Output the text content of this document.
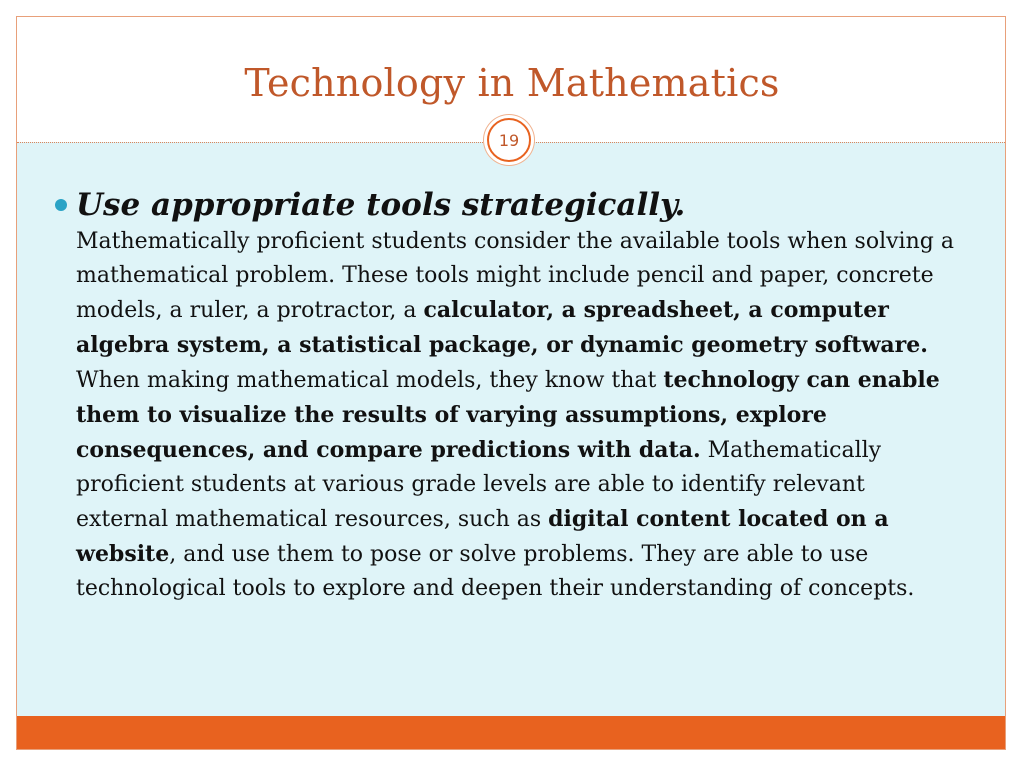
Technology in Mathematics
19
Use appropriate tools strategically.
Mathematically proficient students consider the available tools when solving a mathematical problem. These tools might include pencil and paper, concrete models, a ruler, a protractor, a calculator, a spreadsheet, a computer algebra system, a statistical package, or dynamic geometry software. When making mathematical models, they know that technology can enable them to visualize the results of varying assumptions, explore consequences, and compare predictions with data. Mathematically proficient students at various grade levels are able to identify relevant external mathematical resources, such as digital content located on a website, and use them to pose or solve problems. They are able to use technological tools to explore and deepen their understanding of concepts.
